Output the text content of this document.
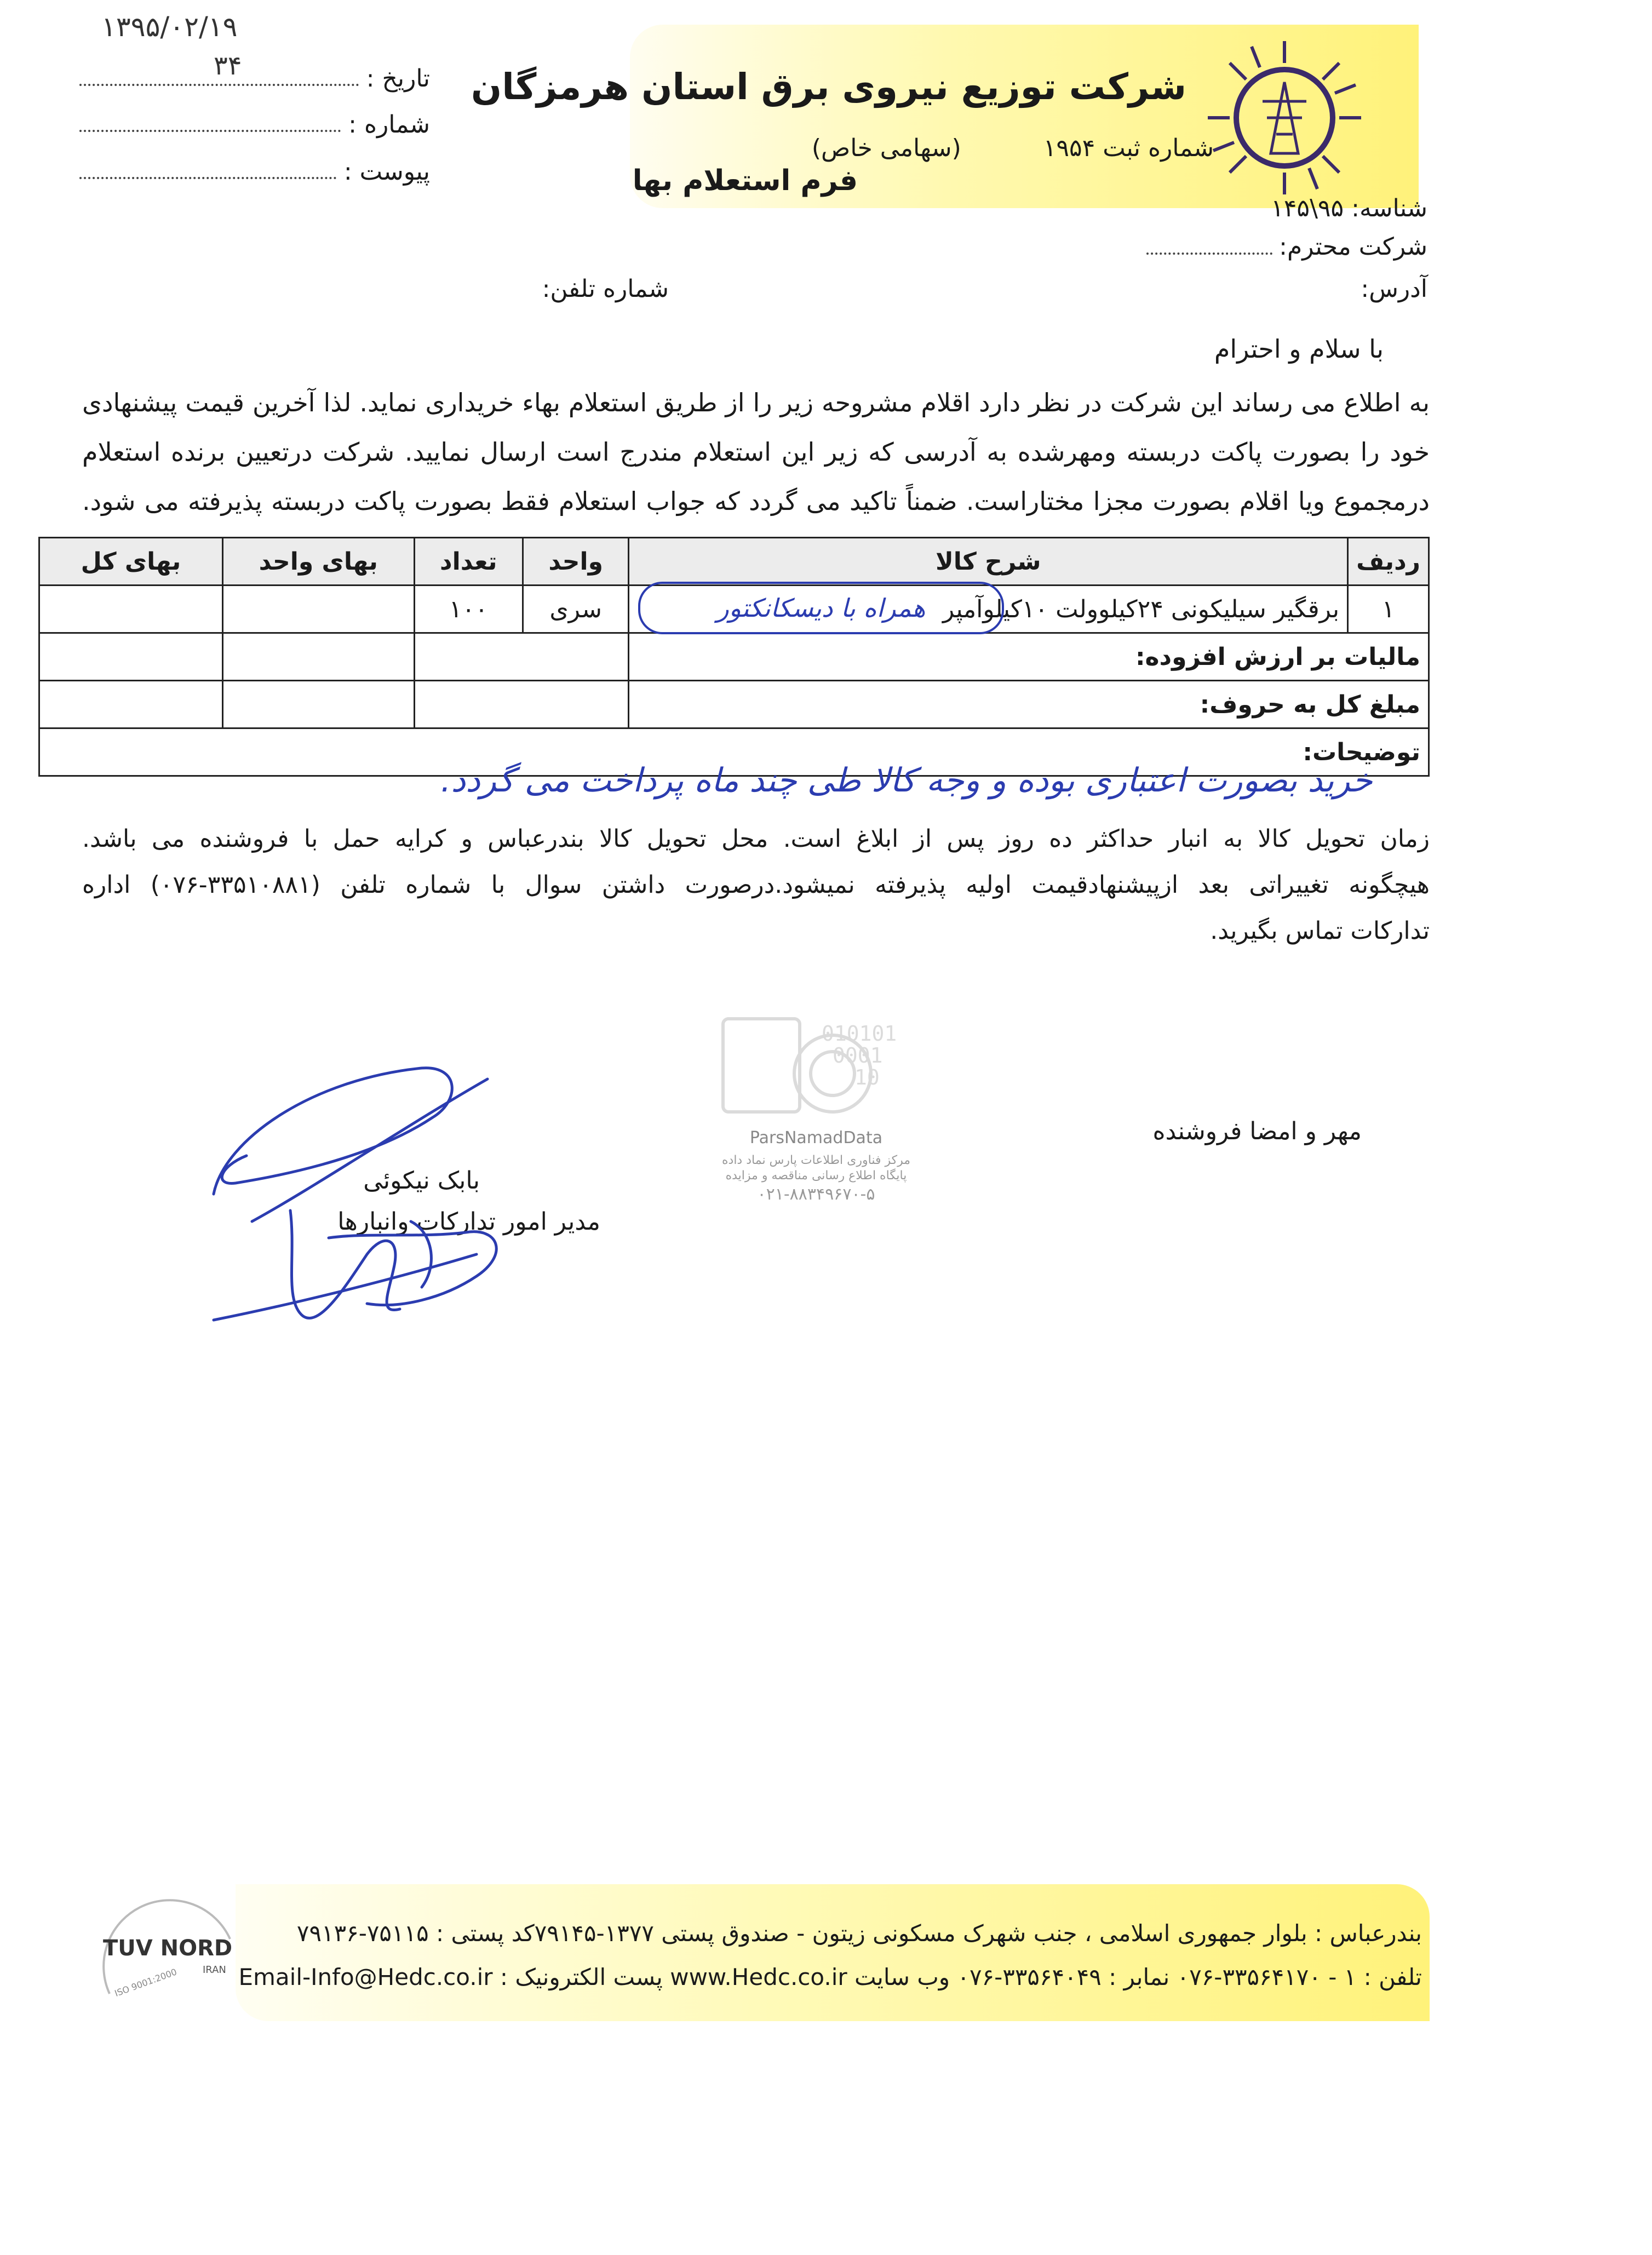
شرکت توزیع نیروی برق استان هرمزگان
شماره ثبت ۱۹۵۴(سهامی خاص)
فرم استعلام بها
۱۳۹۵/۰۲/۱۹
۳۴	تاریخ :
شماره :
پیوست :
شناسه: ۹۵\۱۴۵
شرکت محترم:
آدرس:
شماره تلفن:
با سلام و احترام
به اطلاع می رساند این شرکت در نظر دارد اقلام مشروحه زیر را از طریق استعلام بهاء خریداری نماید. لذا آخرین قیمت پیشنهادی
خود را بصورت پاکت دربسته ومهرشده به آدرسی که زیر این استعلام مندرج است ارسال نمایید. شرکت درتعیین برنده استعلام
درمجموع ویا اقلام بصورت مجزا مختاراست. ضمناً تاکید می گردد که جواب استعلام فقط بصورت پاکت دربسته پذیرفته می شود.
ردیف	شرح کالا	واحد	تعداد	بهای واحد	بهای کل
۱	برقگیر سیلیکونی ۲۴کیلوولت ۱۰کیلوآمپر	سری	۱۰۰		
مالیات بر ارزش افزوده:					
مبلغ کل به حروف:					
توضیحات:					
همراه با دیسکانکتور
خرید بصورت اعتباری بوده و وجه کالا طی چند ماه پرداخت می گردد.
زمان تحویل کالا به انبار حداکثر ده روز پس از ابلاغ است. محل تحویل کالا بندرعباس و کرایه حمل با فروشنده می باشد.
هیچگونه تغییراتی بعد ازپیشنهادقیمت اولیه پذیرفته نمیشود.درصورت داشتن سوال با شماره تلفن (۳۳۵۱۰۸۸۱-۰۷۶) اداره
تدارکات تماس بگیرید.
010101
0001
10
ParsNamadData
مرکز فناوری اطلاعات پارس نماد داده
پایگاه اطلاع رسانی مناقصه و مزایده
۰۲۱-۸۸۳۴۹۶۷۰-۵
مهر و امضا فروشنده
بابک نیکوئی
مدیر امور تدارکات وانبارها
بندرعباس : بلوار جمهوری اسلامی ، جنب شهرک مسکونی زیتون - صندوق پستی ۱۳۷۷-۷۹۱۴۵کد پستی : ۷۵۱۱۵-۷۹۱۳۶
تلفن : ۱ - ۳۳۵۶۴۱۷۰-۰۷۶ نمابر : ۳۳۵۶۴۰۴۹-۰۷۶ وب سایت www.Hedc.co.ir پست الکترونیک : Email-Info@Hedc.co.ir
TUV NORD
IRAN
ISO 9001:2000
